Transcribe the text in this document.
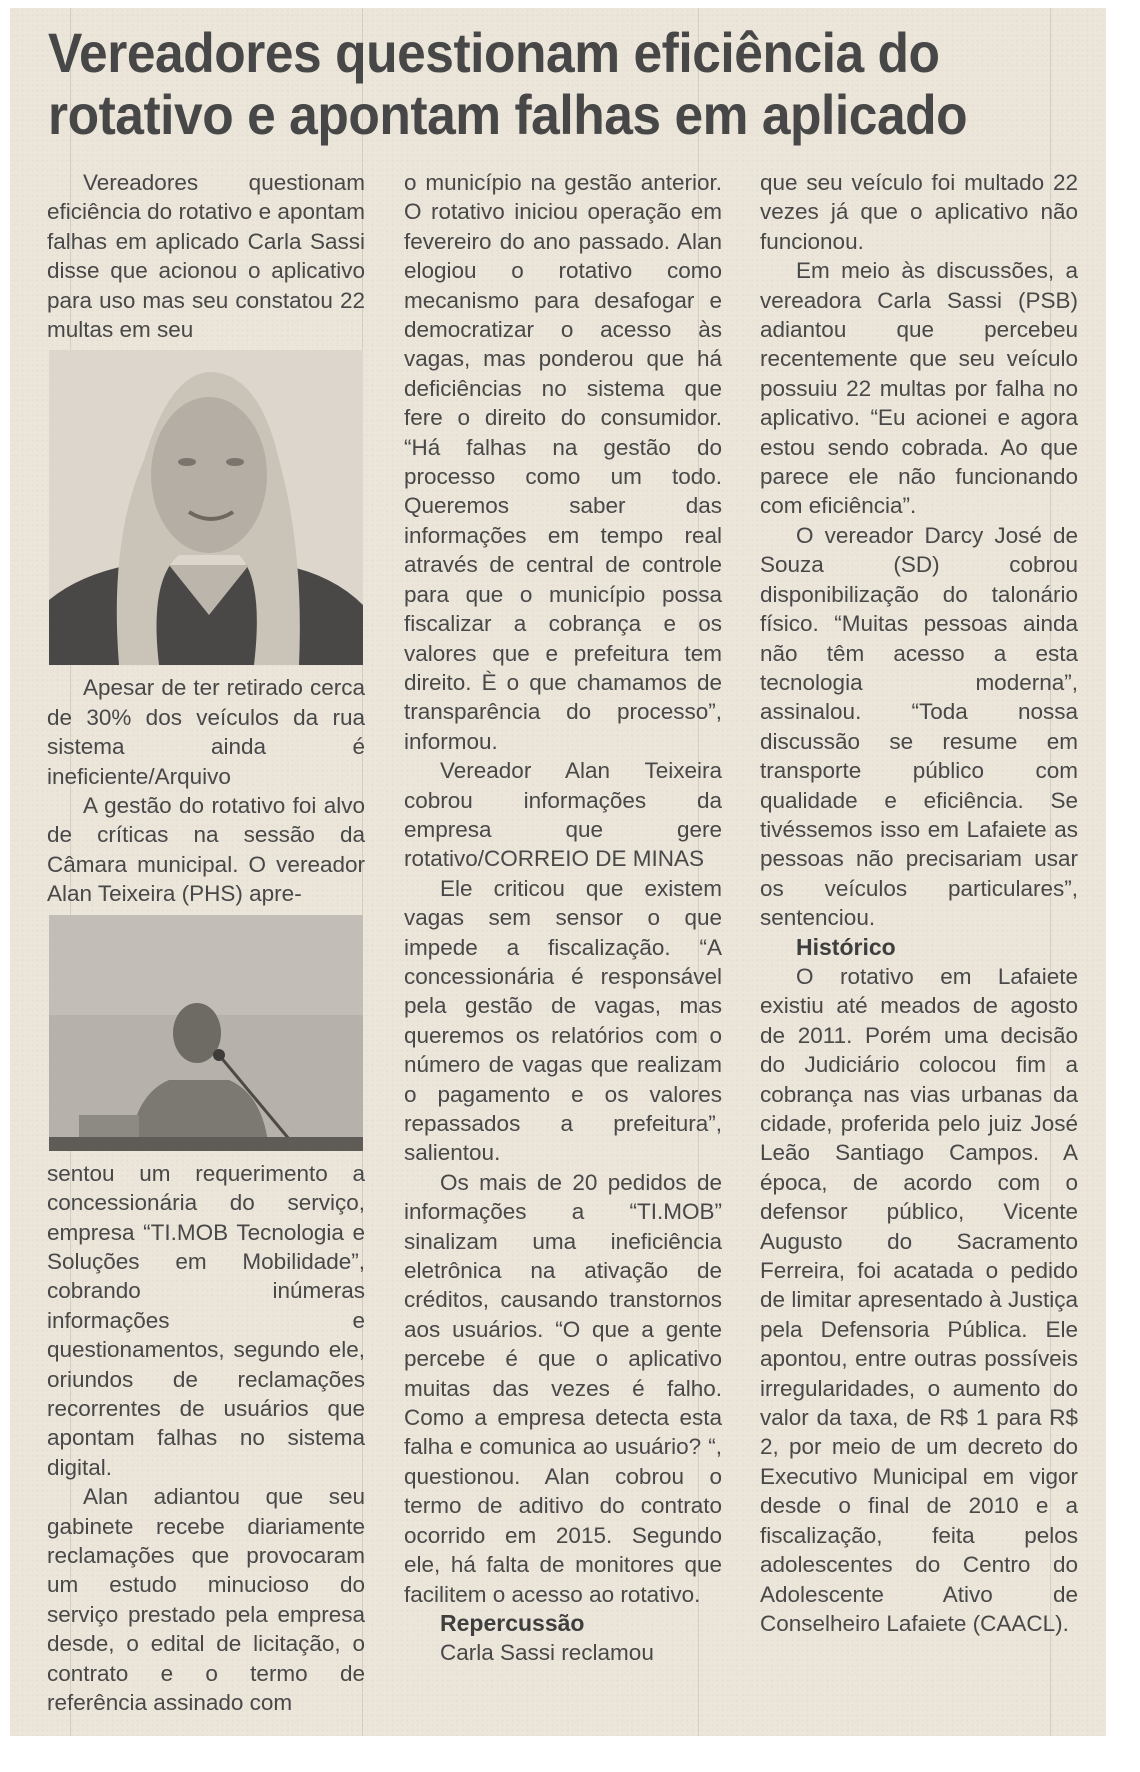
Vereadores questionam eficiência do rotativo e apontam falhas em aplicado

Vereadores questionam eficiência do rotativo e apontam falhas em aplicado Carla Sassi disse que acionou o aplicativo para uso mas seu constatou 22 multas em seu

Apesar de ter retirado cerca de 30% dos veículos da rua sistema ainda é ineficiente/Arquivo

A gestão do rotativo foi alvo de críticas na sessão da Câmara municipal. O vereador Alan Teixeira (PHS) apre-

sentou um requerimento a concessionária do serviço, empresa “TI.MOB Tecnologia e Soluções em Mobilidade”, cobrando inúmeras informações e questionamentos, segundo ele, oriundos de reclamações recorrentes de usuários que apontam falhas no sistema digital.

Alan adiantou que seu gabinete recebe diariamente reclamações que provocaram um estudo minucioso do serviço prestado pela empresa desde, o edital de licitação, o contrato e o termo de referência assinado com

o município na gestão anterior. O rotativo iniciou operação em fevereiro do ano passado. Alan elogiou o rotativo como mecanismo para desafogar e democratizar o acesso às vagas, mas ponderou que há deficiências no sistema que fere o direito do consumidor. “Há falhas na gestão do processo como um todo. Queremos saber das informações em tempo real através de central de controle para que o município possa fiscalizar a cobrança e os valores que e prefeitura tem direito. È o que chamamos de transparência do processo”, informou.

Vereador Alan Teixeira cobrou informações da empresa que gere rotativo/CORREIO DE MINAS

Ele criticou que existem vagas sem sensor o que impede a fiscalização. “A concessionária é responsável pela gestão de vagas, mas queremos os relatórios com o número de vagas que realizam o pagamento e os valores repassados a prefeitura”, salientou.

Os mais de 20 pedidos de informações a “TI.MOB” sinalizam uma ineficiência eletrônica na ativação de créditos, causando transtornos aos usuários. “O que a gente percebe é que o aplicativo muitas das vezes é falho. Como a empresa detecta esta falha e comunica ao usuário? “, questionou. Alan cobrou o termo de aditivo do contrato ocorrido em 2015. Segundo ele, há falta de monitores que facilitem o acesso ao rotativo.

Repercussão

Carla Sassi reclamou

que seu veículo foi multado 22 vezes já que o aplicativo não funcionou.

Em meio às discussões, a vereadora Carla Sassi (PSB) adiantou que percebeu recentemente que seu veículo possuiu 22 multas por falha no aplicativo. “Eu acionei e agora estou sendo cobrada. Ao que parece ele não funcionando com eficiência”.

O vereador Darcy José de Souza (SD) cobrou disponibilização do talonário físico. “Muitas pessoas ainda não têm acesso a esta tecnologia moderna”, assinalou. “Toda nossa discussão se resume em transporte público com qualidade e eficiência. Se tivéssemos isso em Lafaiete as pessoas não precisariam usar os veículos particulares”, sentenciou.

Histórico

O rotativo em Lafaiete existiu até meados de agosto de 2011. Porém uma decisão do Judiciário colocou fim a cobrança nas vias urbanas da cidade, proferida pelo juiz José Leão Santiago Campos. A época, de acordo com o defensor público, Vicente Augusto do Sacramento Ferreira, foi acatada o pedido de limitar apresentado à Justiça pela Defensoria Pública. Ele apontou, entre outras possíveis irregularidades, o aumento do valor da taxa, de R$ 1 para R$ 2, por meio de um decreto do Executivo Municipal em vigor desde o final de 2010 e a fiscalização, feita pelos adolescentes do Centro do Adolescente Ativo de Conselheiro Lafaiete (CAACL).
